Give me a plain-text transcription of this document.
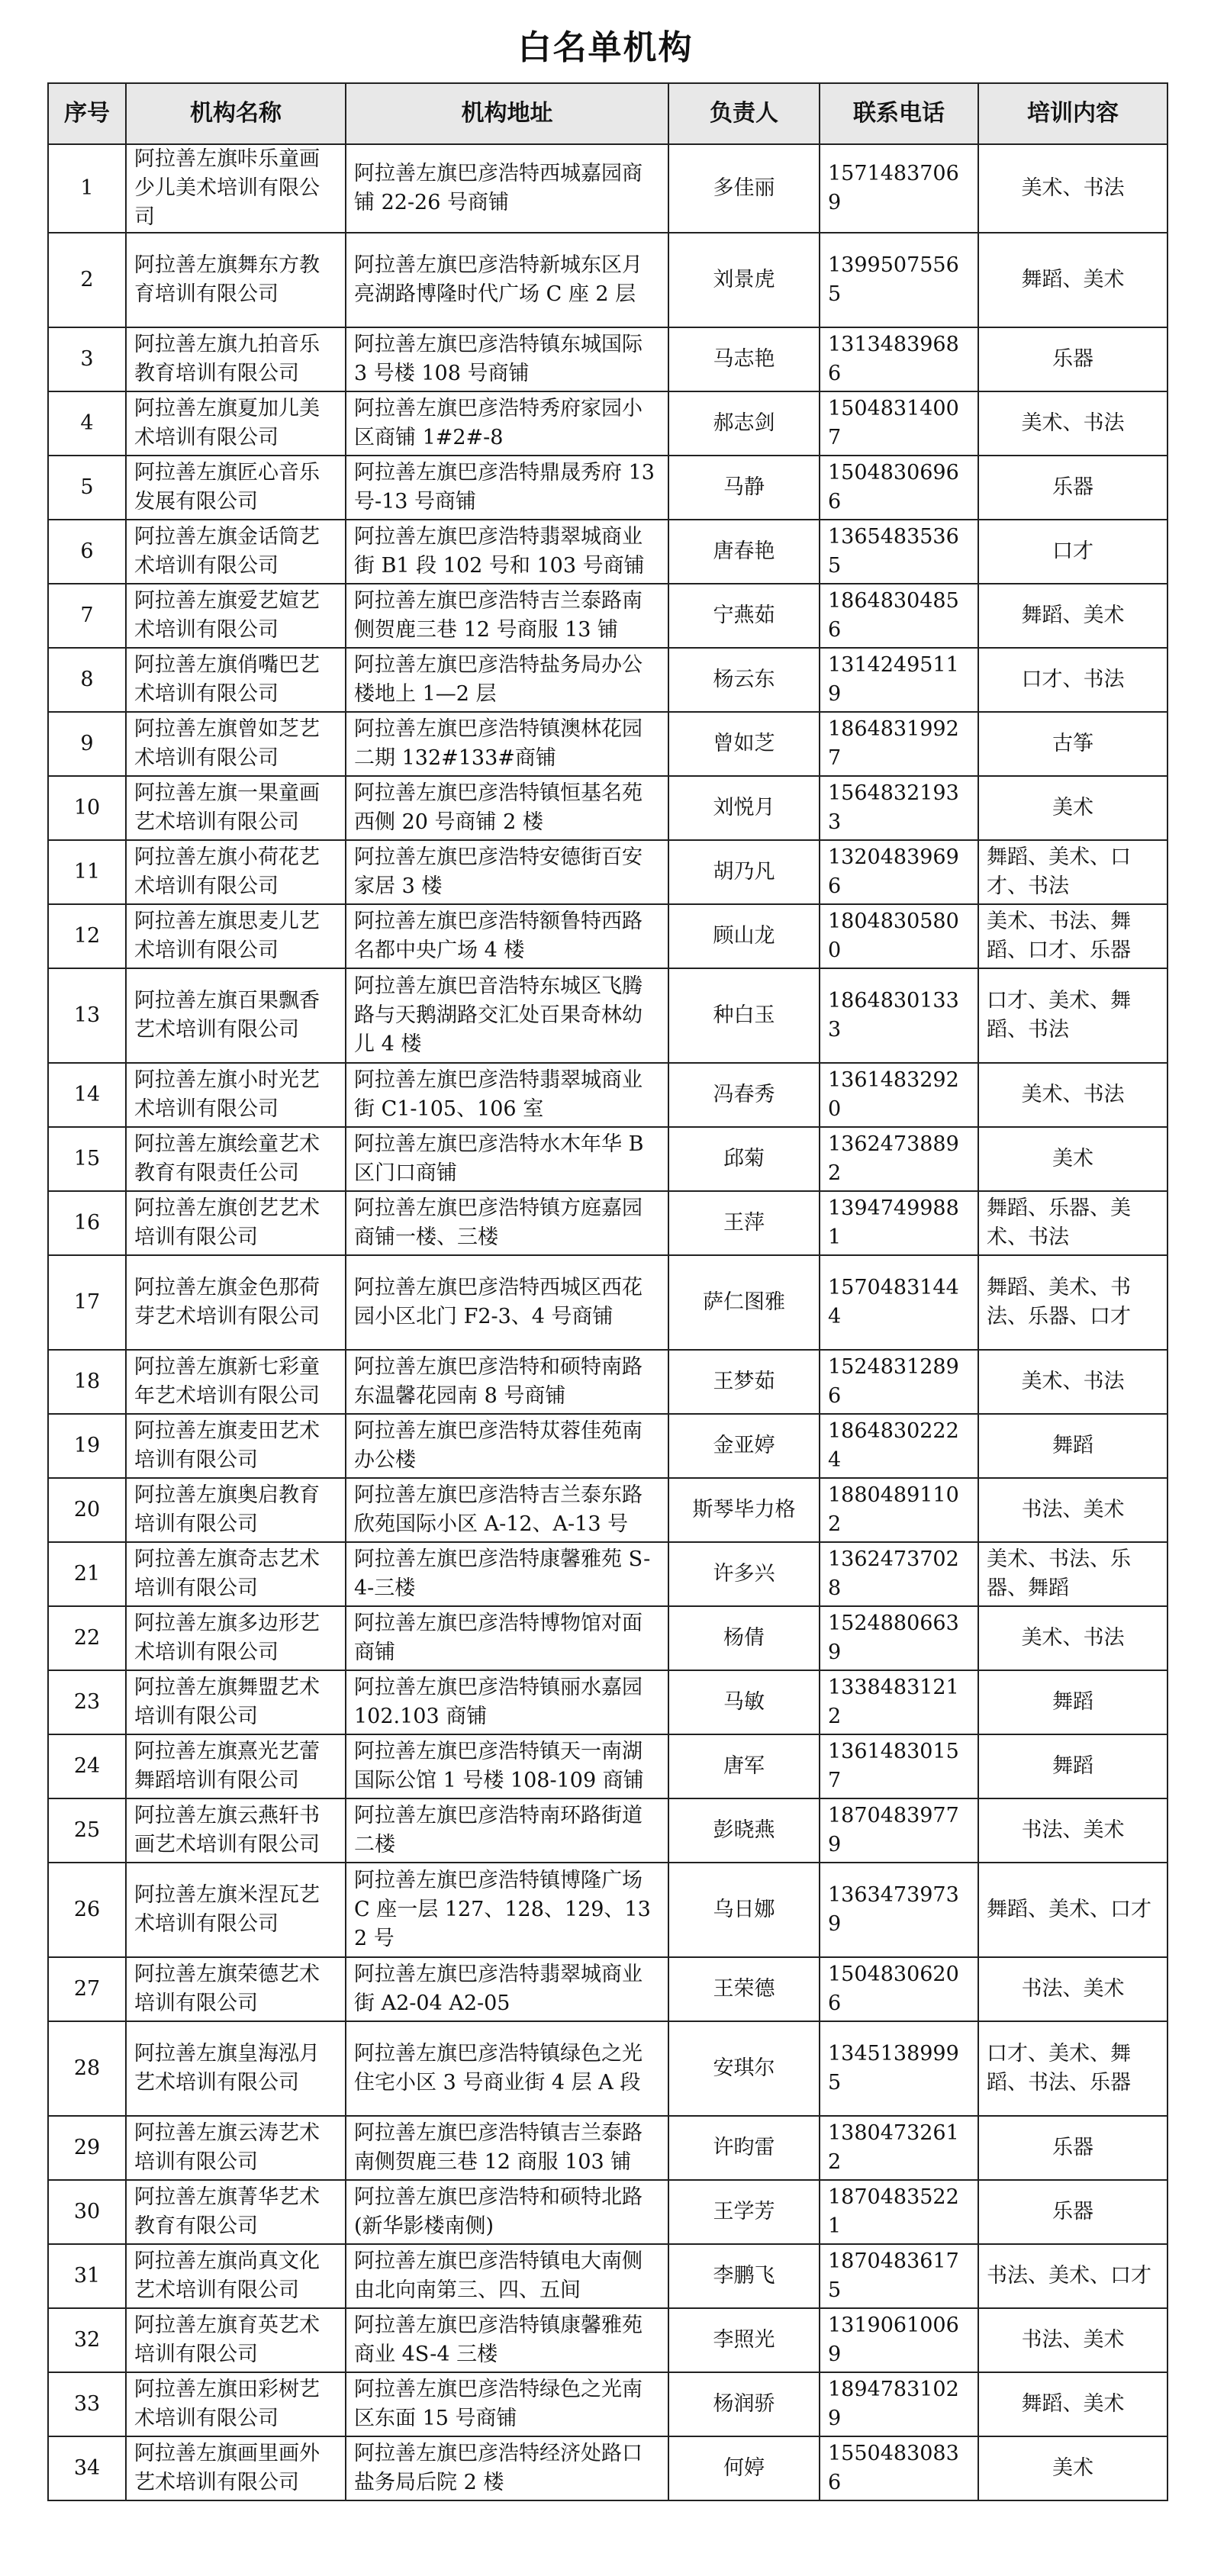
白名单机构
序号	机构名称	机构地址	负责人	联系电话	培训内容
1	阿拉善左旗咔乐童画少儿美术培训有限公司	阿拉善左旗巴彦浩特西城嘉园商铺 22-26 号商铺	多佳丽	15714837069	美术、书法
2	阿拉善左旗舞东方教育培训有限公司	阿拉善左旗巴彦浩特新城东区月亮湖路博隆时代广场 C 座 2 层	刘景虎	13995075565	舞蹈、美术
3	阿拉善左旗九拍音乐教育培训有限公司	阿拉善左旗巴彦浩特镇东城国际 3 号楼 108 号商铺	马志艳	13134839686	乐器
4	阿拉善左旗夏加儿美术培训有限公司	阿拉善左旗巴彦浩特秀府家园小区商铺 1#2#-8	郝志剑	15048314007	美术、书法
5	阿拉善左旗匠心音乐发展有限公司	阿拉善左旗巴彦浩特鼎晟秀府 13 号-13 号商铺	马静	15048306966	乐器
6	阿拉善左旗金话筒艺术培训有限公司	阿拉善左旗巴彦浩特翡翠城商业街 B1 段 102 号和 103 号商铺	唐春艳	13654835365	口才
7	阿拉善左旗爱艺媗艺术培训有限公司	阿拉善左旗巴彦浩特吉兰泰路南侧贺鹿三巷 12 号商服 13 铺	宁燕茹	18648304856	舞蹈、美术
8	阿拉善左旗俏嘴巴艺术培训有限公司	阿拉善左旗巴彦浩特盐务局办公楼地上 1—2 层	杨云东	13142495119	口才、书法
9	阿拉善左旗曾如芝艺术培训有限公司	阿拉善左旗巴彦浩特镇澳林花园二期 132#133#商铺	曾如芝	18648319927	古筝
10	阿拉善左旗一果童画艺术培训有限公司	阿拉善左旗巴彦浩特镇恒基名苑西侧 20 号商铺 2 楼	刘悦月	15648321933	美术
11	阿拉善左旗小荷花艺术培训有限公司	阿拉善左旗巴彦浩特安德街百安家居 3 楼	胡乃凡	13204839696	舞蹈、美术、口才、书法
12	阿拉善左旗思麦儿艺术培训有限公司	阿拉善左旗巴彦浩特额鲁特西路名都中央广场 4 楼	顾山龙	18048305800	美术、书法、舞蹈、口才、乐器
13	阿拉善左旗百果飘香艺术培训有限公司	阿拉善左旗巴音浩特东城区飞腾路与天鹅湖路交汇处百果奇林幼儿 4 楼	种白玉	18648301333	口才、美术、舞蹈、书法
14	阿拉善左旗小时光艺术培训有限公司	阿拉善左旗巴彦浩特翡翠城商业街 C1-105、106 室	冯春秀	13614832920	美术、书法
15	阿拉善左旗绘童艺术教育有限责任公司	阿拉善左旗巴彦浩特水木年华 B 区门口商铺	邱菊	13624738892	美术
16	阿拉善左旗创艺艺术培训有限公司	阿拉善左旗巴彦浩特镇方庭嘉园商铺一楼、三楼	王萍	13947499881	舞蹈、乐器、美术、书法
17	阿拉善左旗金色那荷芽艺术培训有限公司	阿拉善左旗巴彦浩特西城区西花园小区北门 F2-3、4 号商铺	萨仁图雅	15704831444	舞蹈、美术、书法、乐器、口才
18	阿拉善左旗新七彩童年艺术培训有限公司	阿拉善左旗巴彦浩特和硕特南路东温馨花园南 8 号商铺	王梦茹	15248312896	美术、书法
19	阿拉善左旗麦田艺术培训有限公司	阿拉善左旗巴彦浩特苁蓉佳苑南办公楼	金亚婷	18648302224	舞蹈
20	阿拉善左旗奥启教育培训有限公司	阿拉善左旗巴彦浩特吉兰泰东路欣苑国际小区 A-12、A-13 号	斯琴毕力格	18804891102	书法、美术
21	阿拉善左旗奇志艺术培训有限公司	阿拉善左旗巴彦浩特康馨雅苑 S-4-三楼	许多兴	13624737028	美术、书法、乐器、舞蹈
22	阿拉善左旗多边形艺术培训有限公司	阿拉善左旗巴彦浩特博物馆对面商铺	杨倩	15248806639	美术、书法
23	阿拉善左旗舞盟艺术培训有限公司	阿拉善左旗巴彦浩特镇丽水嘉园 102.103 商铺	马敏	13384831212	舞蹈
24	阿拉善左旗熹光艺蕾舞蹈培训有限公司	阿拉善左旗巴彦浩特镇天一南湖国际公馆 1 号楼 108-109 商铺	唐军	13614830157	舞蹈
25	阿拉善左旗云燕轩书画艺术培训有限公司	阿拉善左旗巴彦浩特南环路街道二楼	彭晓燕	18704839779	书法、美术
26	阿拉善左旗米涅瓦艺术培训有限公司	阿拉善左旗巴彦浩特镇博隆广场 C 座一层 127、128、129、132 号	乌日娜	13634739739	舞蹈、美术、口才
27	阿拉善左旗荣德艺术培训有限公司	阿拉善左旗巴彦浩特翡翠城商业街 A2-04 A2-05	王荣德	15048306206	书法、美术
28	阿拉善左旗皇海泓月艺术培训有限公司	阿拉善左旗巴彦浩特镇绿色之光住宅小区 3 号商业街 4 层 A 段	安琪尔	13451389995	口才、美术、舞蹈、书法、乐器
29	阿拉善左旗云涛艺术培训有限公司	阿拉善左旗巴彦浩特镇吉兰泰路南侧贺鹿三巷 12 商服 103 铺	许昀雷	13804732612	乐器
30	阿拉善左旗菁华艺术教育有限公司	阿拉善左旗巴彦浩特和硕特北路(新华影楼南侧)	王学芳	18704835221	乐器
31	阿拉善左旗尚真文化艺术培训有限公司	阿拉善左旗巴彦浩特镇电大南侧由北向南第三、四、五间	李鹏飞	18704836175	书法、美术、口才
32	阿拉善左旗育英艺术培训有限公司	阿拉善左旗巴彦浩特镇康馨雅苑商业 4S-4 三楼	李照光	13190610069	书法、美术
33	阿拉善左旗田彩树艺术培训有限公司	阿拉善左旗巴彦浩特绿色之光南区东面 15 号商铺	杨润骄	18947831029	舞蹈、美术
34	阿拉善左旗画里画外艺术培训有限公司	阿拉善左旗巴彦浩特经济处路口盐务局后院 2 楼	何婷	15504830836	美术
